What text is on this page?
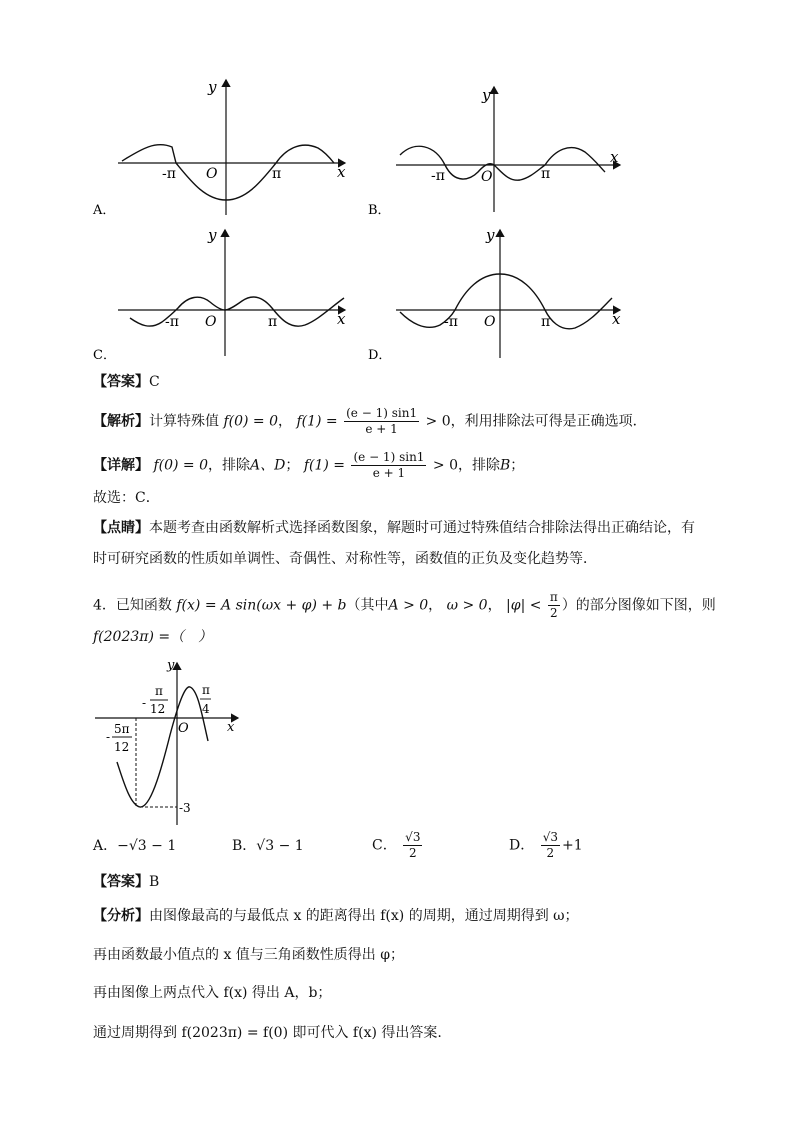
y
x
O
-π	π
y
x
O
-π	π
A．	B．
y
x
O
-π	π
y
x
O
-π	π
C．	D．
【答案】C
【解析】计算特殊值 f(0) = 0， $f(1) = \frac{(e - 1) \sin 1}{e + 1} > 0$，利用排除法可得是正确选项．
【详解】 f(0) = 0，排除A、D； $f(1) = \frac{(e - 1) \sin 1}{e + 1} > 0$，排除B；
故选：C．
【点睛】本题考查由函数解析式选择函数图象，解题时可通过特殊值结合排除法得出正确结论，有
时可研究函数的性质如单调性、奇偶性、对称性等，函数值的正负及变化趋势等．
4．已知函数 f(x) = A sin(ωx + φ) + b（其中A > 0， ω > 0， $|\varphi| < \frac{\pi}{2}$ ）的部分图像如下图，则
f(2023π) =（　）
y
x
O
-
π
12
π
4
-
5π
12
-3
A．−√3 − 1	B．√3 − 1	C． $\frac{√3}{2}$	D． $\frac{√3}{2} +1$
【答案】B
【分析】由图像最高的与最低点 x 的距离得出 f(x) 的周期，通过周期得到 ω；
再由函数最小值点的 x 值与三角函数性质得出 φ；
再由图像上两点代入 f(x) 得出 A，b；
通过周期得到 f(2023π) = f(0) 即可代入 f(x) 得出答案.
